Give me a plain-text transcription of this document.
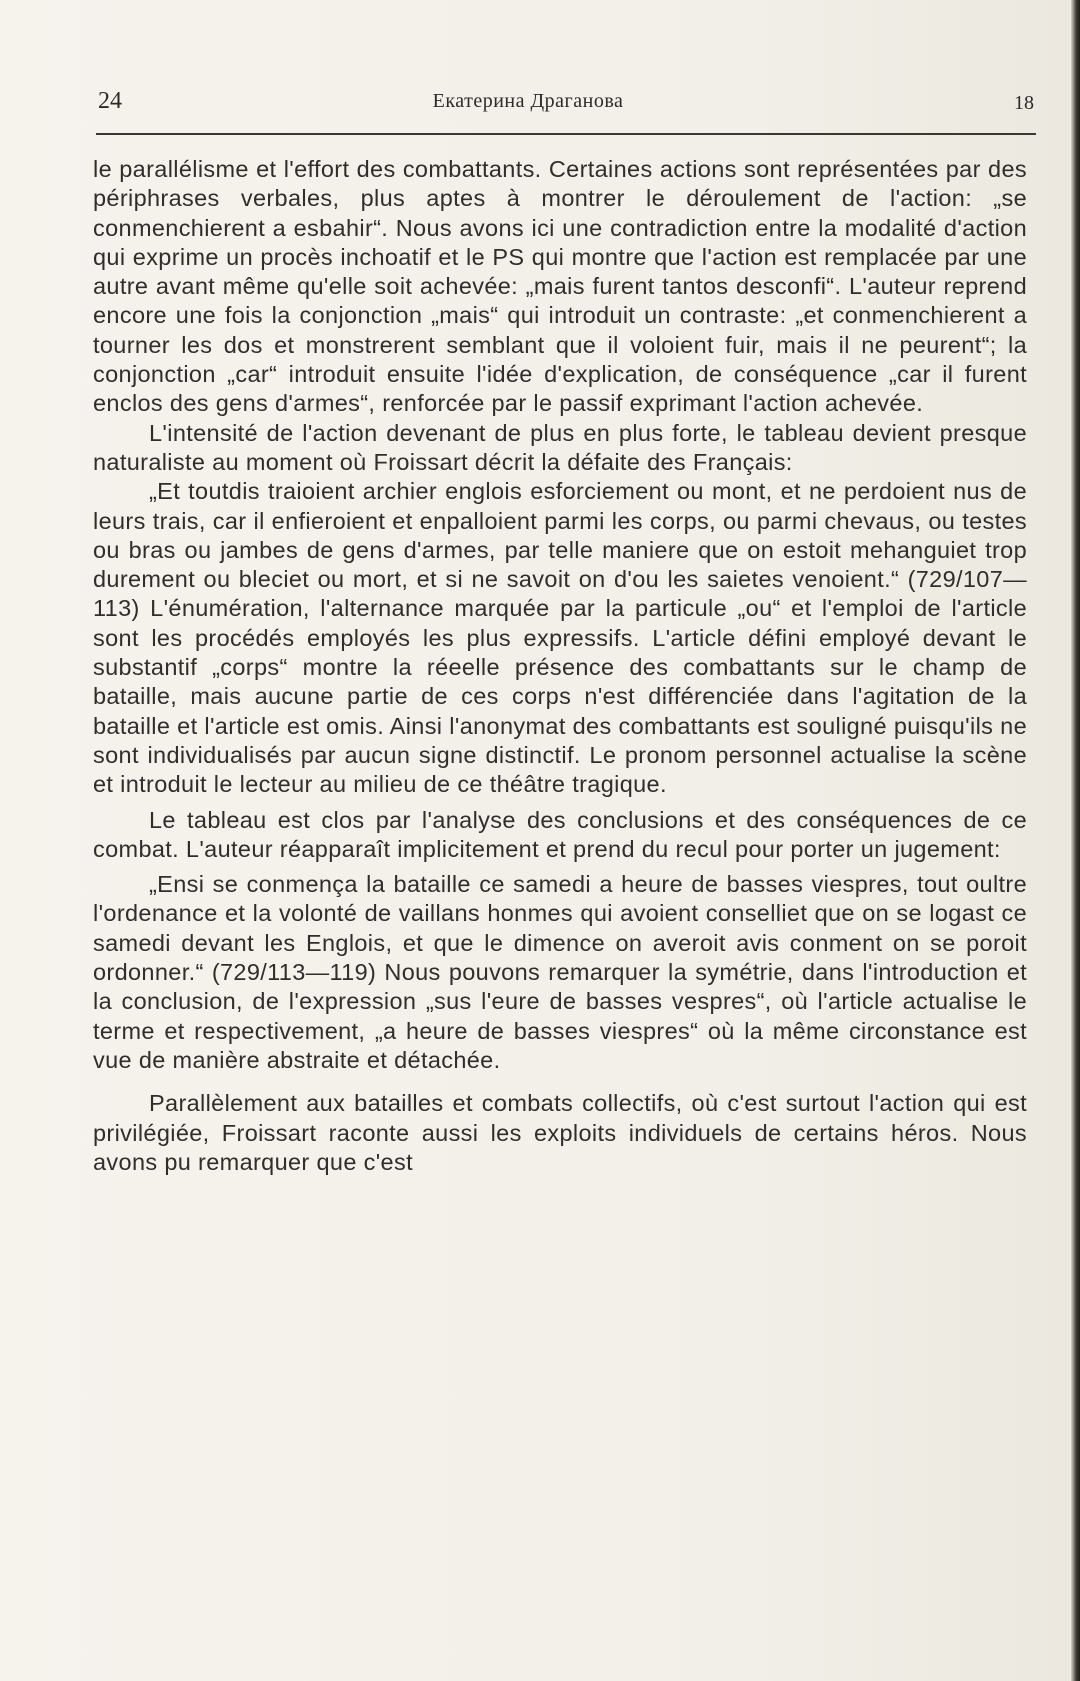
24	Екатерина Драганова	18

le parallélisme et l'effort des combattants. Certaines actions sont représentées par des périphrases verbales, plus aptes à montrer le déroulement de l'action: „se conmenchierent a esbahir“. Nous avons ici une contradiction entre la modalité d'action qui exprime un procès inchoatif et le PS qui montre que l'action est remplacée par une autre avant même qu'elle soit achevée: „mais furent tantos desconfi“. L'auteur reprend encore une fois la conjonction „mais“ qui introduit un contraste: „et conmenchierent a tourner les dos et monstrerent semblant que il voloient fuir, mais il ne peurent“; la conjonction „car“ introduit ensuite l'idée d'explication, de conséquence „car il furent enclos des gens d'armes“, renforcée par le passif exprimant l'action achevée.

L'intensité de l'action devenant de plus en plus forte, le tableau devient presque naturaliste au moment où Froissart décrit la défaite des Français:

„Et toutdis traioient archier englois esforciement ou mont, et ne perdoient nus de leurs trais, car il enfieroient et enpalloient parmi les corps, ou parmi chevaus, ou testes ou bras ou jambes de gens d'armes, par telle maniere que on estoit mehanguiet trop durement ou bleciet ou mort, et si ne savoit on d'ou les saietes venoient.“ (729/107—113) L'énumération, l'alternance marquée par la particule „ou“ et l'emploi de l'article sont les procédés employés les plus expressifs. L'article défini employé devant le substantif „corps“ montre la réeelle présence des combattants sur le champ de bataille, mais aucune partie de ces corps n'est différenciée dans l'agitation de la bataille et l'article est omis. Ainsi l'anonymat des combattants est souligné puisqu'ils ne sont individualisés par aucun signe distinctif. Le pronom personnel actualise la scène et introduit le lecteur au milieu de ce théâtre tragique.

Le tableau est clos par l'analyse des conclusions et des conséquences de ce combat. L'auteur réapparaît implicitement et prend du recul pour porter un jugement:

„Ensi se conmença la bataille ce samedi a heure de basses viespres, tout oultre l'ordenance et la volonté de vaillans honmes qui avoient conselliet que on se logast ce samedi devant les Englois, et que le dimence on averoit avis conment on se poroit ordonner.“ (729/113—119) Nous pouvons remarquer la symétrie, dans l'introduction et la conclusion, de l'expression „sus l'eure de basses vespres“, où l'article actualise le terme et respectivement, „a heure de basses viespres“ où la même circonstance est vue de manière abstraite et détachée.

Parallèlement aux batailles et combats collectifs, où c'est surtout l'action qui est privilégiée, Froissart raconte aussi les exploits individuels de certains héros. Nous avons pu remarquer que c'est
